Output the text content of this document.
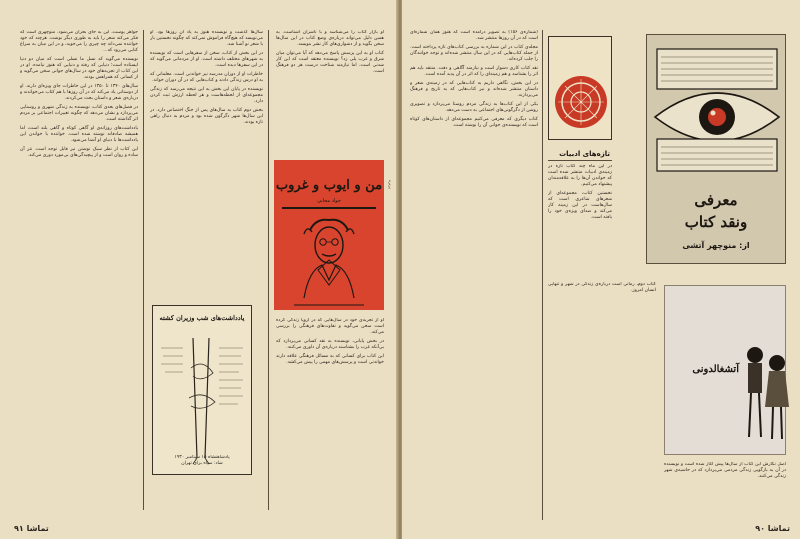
جواهر پوست، این به جای بحران می‌شود. منوچهری است که فکر می‌کند شعر را باید به طوری دیگر نوشت. هرچند که خود خواننده نمی‌داند چه چیزی را می‌جوید، و در این میان به سراغ کتابی می‌رود که...

نویسنده می‌گوید که نسل ما نسلی است که میان دو دنیا ایستاده است؛ دنیایی که رفته و دنیایی که هنوز نیامده. او در این کتاب از تجربه‌های خود در سال‌های جوانی سخن می‌گوید و از کسانی که همراهش بودند.

سال‌های ۱۳۴۰ تا ۱۳۵۰ در این خاطرات جای ویژه‌ای دارند. او از دوستانی یاد می‌کند که در آن روزها با هم کتاب می‌خواندند و درباره‌ی شعر و داستان بحث می‌کردند.

در فصل‌های بعدی کتاب، نویسنده به زندگی شهری و روستایی می‌پردازد و نشان می‌دهد که چگونه تغییرات اجتماعی بر مردم اثر گذاشته است.

یادداشت‌های روزانه‌ی او گاهی کوتاه و گاهی بلند است، اما همیشه صادقانه نوشته شده است. خواننده با خواندن این یادداشت‌ها با دنیای او آشنا می‌شود.

این کتاب از نظر سبک نوشتن نیز قابل توجه است. نثر آن ساده و روان است و از پیچیدگی‌های بی‌مورد دوری می‌کند.

سال‌ها گذشت و نویسنده هنوز به یاد آن روزها بود. او می‌نویسد که هیچ‌گاه فراموش نمی‌کند که چگونه نخستین بار با شعر نو آشنا شد.

در این بخش از کتاب، سخن از سفرهایی است که نویسنده به شهرهای مختلف داشته است. او از مردمانی می‌گوید که در این سفرها دیده است.

خاطرات او از دوران مدرسه نیز خواندنی است. معلمانی که به او درس زندگی دادند و کتاب‌هایی که در آن دوران خواند.

نویسنده در پایان این بخش به این نتیجه می‌رسد که زندگی مجموعه‌ای از لحظه‌هاست و هر لحظه ارزش ثبت کردن دارد.

بخش دوم کتاب به سال‌های پس از جنگ اختصاص دارد. در این سال‌ها شهر دگرگون شده بود و مردم به دنبال راهی تازه بودند.

او بازار کتاب را می‌شناسد و با ناشران آشناست. به همین دلیل می‌تواند درباره‌ی وضع کتاب در این سال‌ها سخن بگوید و از دشواری‌های کار نشر بنویسد.

کتاب او به این پرسش پاسخ می‌دهد که آیا می‌توان میان شرق و غرب پلی زد؟ نویسنده معتقد است که این کار شدنی است، اما نیازمند شناخت درست هر دو فرهنگ است.

من و ایوب و غروب
جواد مجابی
پرتره

او از تجربه‌ی خود در سال‌هایی که در اروپا زندگی کرده است سخن می‌گوید و تفاوت‌های فرهنگی را بررسی می‌کند.

در بخش پایانی، نویسنده به نقد کسانی می‌پردازد که بی‌آنکه غرب را بشناسند درباره‌ی آن داوری می‌کنند.

این کتاب برای کسانی که به مسائل فرهنگی علاقه دارند خواندنی است و پرسش‌های مهمی را پیش می‌کشد.

یادداشت‌های شب وزیران کشته
پادشاهنشاه ۱۵ سپتامبر ۱۹۳۰
شاد: سپاه برای تهران
۹۱ تماشا

(شماره‌ی ۱۵۶) به تصویر درآمده است که هنوز همان شماره‌ای است که در آن روزها منتشر شد.

مجله‌ی کتاب در این شماره به بررسی کتاب‌های تازه پرداخته است. از جمله کتاب‌هایی که در این سال منتشر شده‌اند و توجه خوانندگان را جلب کرده‌اند.

نقد کتاب کاری دشوار است و نیازمند آگاهی و دقت. منتقد باید هم اثر را بشناسد و هم زمینه‌ای را که اثر در آن پدید آمده است.

در این بخش، نگاهی داریم به کتاب‌هایی که در زمینه‌ی شعر و داستان منتشر شده‌اند و نیز کتاب‌هایی که به تاریخ و فرهنگ می‌پردازند.

یکی از این کتاب‌ها به زندگی مردم روستا می‌پردازد و تصویری روشن از دگرگونی‌های اجتماعی به دست می‌دهد.

کتاب دیگری که معرفی می‌کنیم مجموعه‌ای از داستان‌های کوتاه است که نویسنده‌ی جوانی آن را نوشته است.

تازه‌های ادبیات

در این ماه چند کتاب تازه در زمینه‌ی ادبیات منتشر شده است که خواندن آن‌ها را به علاقه‌مندان پیشنهاد می‌کنیم.

نخستین کتاب، مجموعه‌ای از شعرهای شاعری است که سال‌هاست در این زمینه کار می‌کند و صدای ویژه‌ی خود را یافته است.

کتاب دوم، رمانی است درباره‌ی زندگی در شهر و تنهایی انسان امروز.

معرفی
ونقد کتاب
از: منوچهر آتشی
آتشغالدونی
اصل نگارش این کتاب از سال‌ها پیش آغاز شده است و نویسنده در آن به بازگویی زندگی مردمی می‌پردازد که در حاشیه‌ی شهر زندگی می‌کنند.
تماشا ۹۰
